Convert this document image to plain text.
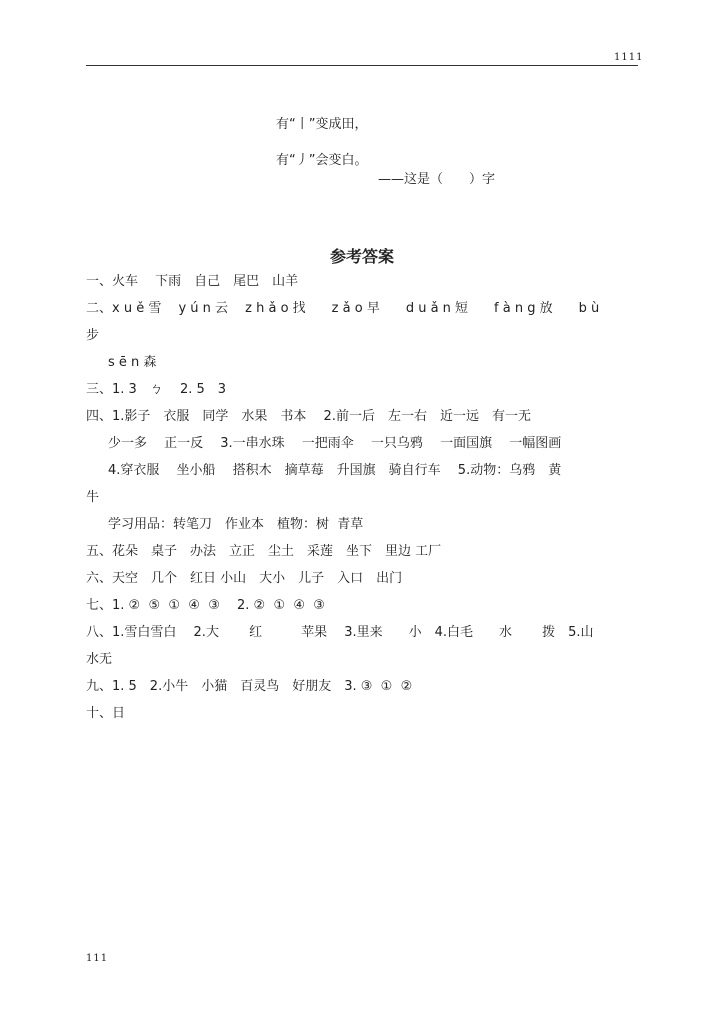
1111
有“丨”变成田，
有“丿”会变白。
——这是（　　）字
参考答案
一、火车　 下雨　自己　尾巴　山羊
二、x u ě 雪　 y ú n 云　 z h ǎ o 找　　z ǎ o 早　　d u ǎ n 短　　f à n g 放　　b ù
步
s ē n 森
三、1. 3　ㄅ　 2. 5　3
四、1.影子　衣服　同学　水果　书本　 2.前一后　左一右　近一远　有一无
少一多　 正一反　 3.一串水珠　 一把雨伞　 一只乌鸦　 一面国旗　 一幅图画
4.穿衣服　 坐小船　 搭积木　摘草莓　升国旗　骑自行车　 5.动物：乌鸦　黄
牛
学习用品：转笔刀　作业本　植物：树  青草
五、花朵　桌子　办法　立正　尘土　采莲　坐下　里边 工厂
六、天空　几个　红日 小山　大小　儿子　入口　出门
七、1. ②  ⑤  ①  ④  ③　 2. ②  ①  ④  ③
八、1.雪白雪白　 2.大　　 红　　　苹果　 3.里来　　小　4.白毛　　水　　 拨　5.山
水无
九、1. 5　2.小牛　小猫　百灵鸟　好朋友　3. ③  ①  ②
十、日
111
